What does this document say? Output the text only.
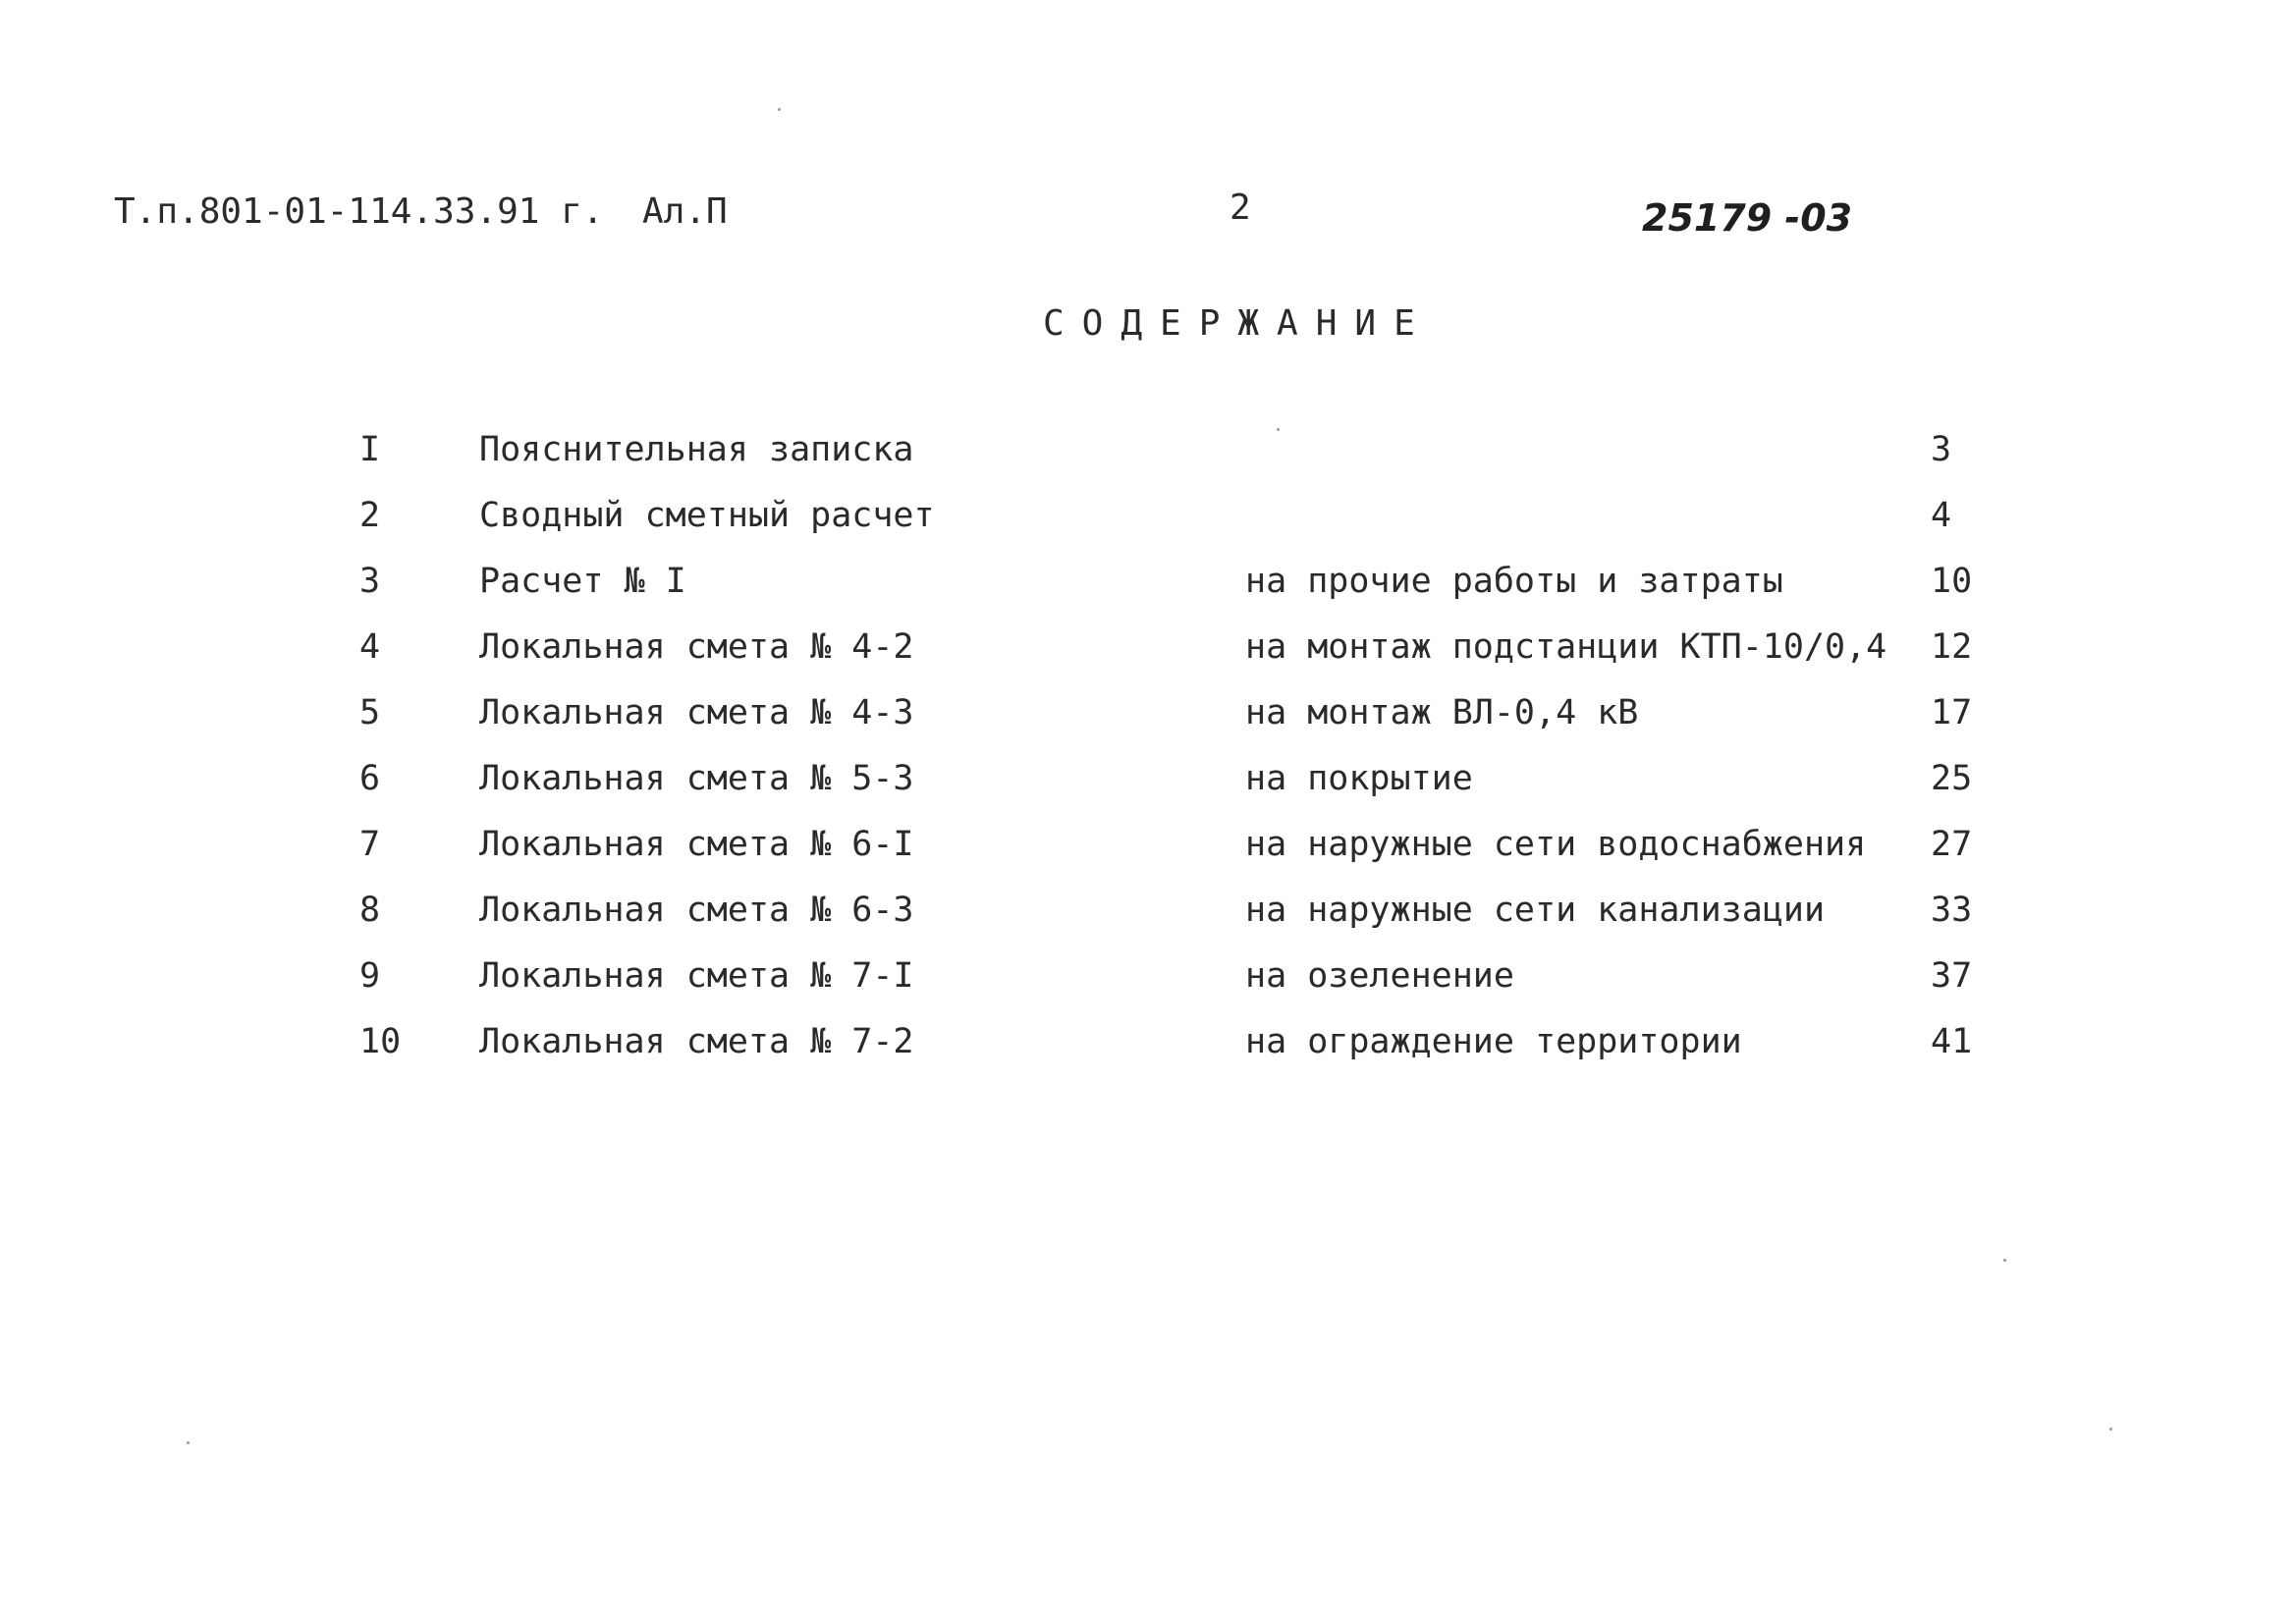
Т.п.801-01-114.33.91 г. Ал.П	2	25179 -03
СОДЕРЖАНИЕ
I	Пояснительная записка	3
2	Сводный сметный расчет	4
3	Расчет № I	на прочие работы и затраты	10
4	Локальная смета № 4-2	на монтаж подстанции КТП-10/0,4 12
5	Локальная смета № 4-3	на монтаж ВЛ-0,4 кВ	17
6	Локальная смета № 5-3	на покрытие	25
7	Локальная смета № 6-I	на наружные сети водоснабжения 27
8	Локальная смета № 6-3	на наружные сети канализации	33
9	Локальная смета № 7-I	на озеленение	37
10 Локальная смета № 7-2	на ограждение территории	41
